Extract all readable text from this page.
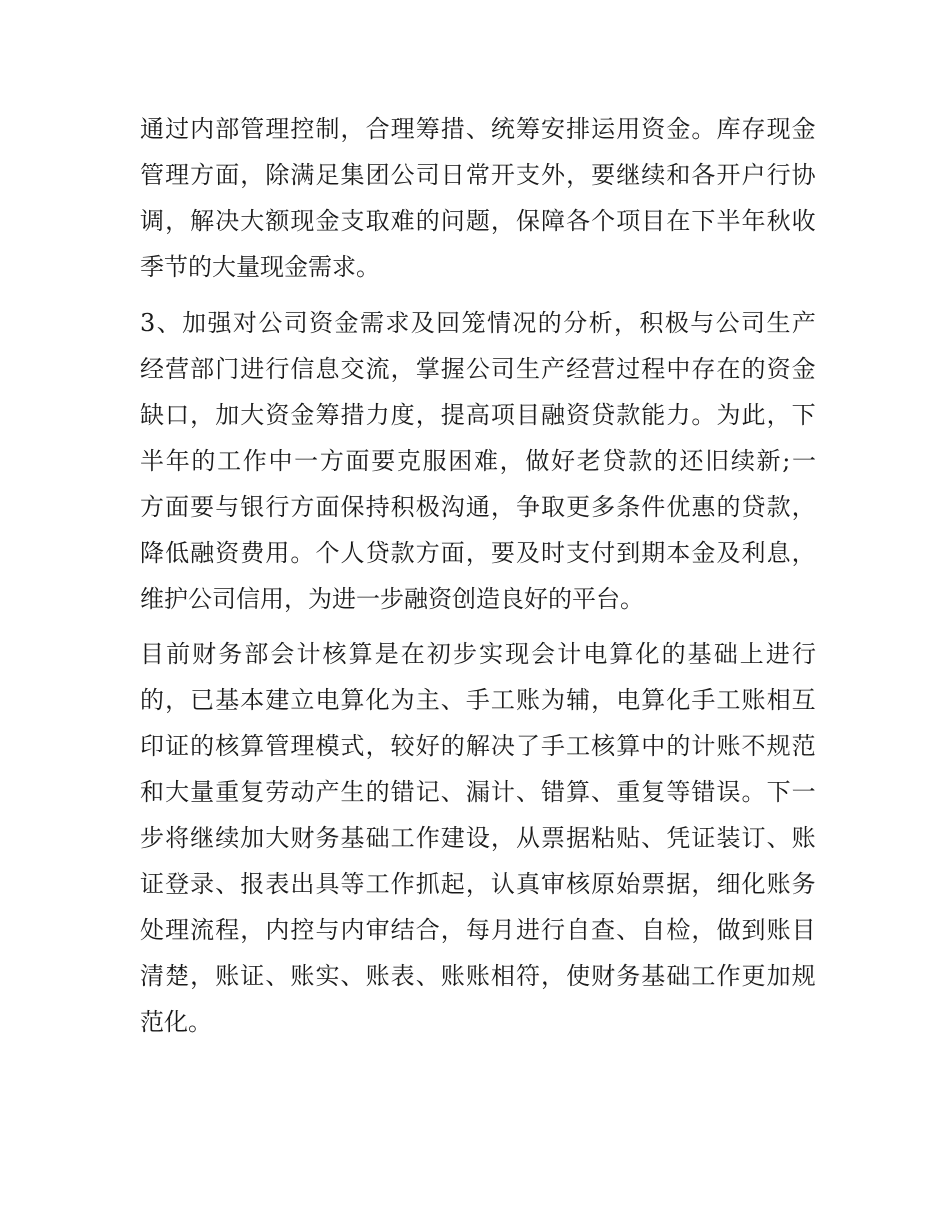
通 过 内 部 管 理 控 制 ， 合 理 筹 措 、 统 筹 安 排 运 用 资 金 。 库 存 现 金
管 理 方 面 ， 除 满 足 集 团 公 司 日 常 开 支 外 ， 要 继 续 和 各 开 户 行 协
调 ， 解 决 大 额 现 金 支 取 难 的 问 题 ， 保 障 各 个 项 目 在 下 半 年 秋 收
季节的大量现金需求。
3 、 加 强 对 公 司 资 金 需 求 及 回 笼 情 况 的 分 析 ， 积 极 与 公 司 生 产
经 营 部 门 进 行 信 息 交 流 ， 掌 握 公 司 生 产 经 营 过 程 中 存 在 的 资 金
缺 口 ， 加 大 资 金 筹 措 力 度 ， 提 高 项 目 融 资 贷 款 能 力 。 为 此 ， 下
半 年 的 工 作 中 一 方 面 要 克 服 困 难 ， 做 好 老 贷 款 的 还 旧 续 新 ; 一
方 面 要 与 银 行 方 面 保 持 积 极 沟 通 ， 争 取 更 多 条 件 优 惠 的 贷 款 ，
降 低 融 资 费 用 。 个 人 贷 款 方 面 ， 要 及 时 支 付 到 期 本 金 及 利 息 ，
维护公司信用，为进一步融资创造良好的平台。
目 前 财 务 部 会 计 核 算 是 在 初 步 实 现 会 计 电 算 化 的 基 础 上 进 行
的 ， 已 基 本 建 立 电 算 化 为 主 、 手 工 账 为 辅 ， 电 算 化 手 工 账 相 互
印 证 的 核 算 管 理 模 式 ， 较 好 的 解 决 了 手 工 核 算 中 的 计 账 不 规 范
和 大 量 重 复 劳 动 产 生 的 错 记 、 漏 计 、 错 算 、 重 复 等 错 误 。 下 一
步 将 继 续 加 大 财 务 基 础 工 作 建 设 ， 从 票 据 粘 贴 、 凭 证 装 订 、 账
证 登 录 、 报 表 出 具 等 工 作 抓 起 ， 认 真 审 核 原 始 票 据 ， 细 化 账 务
处 理 流 程 ， 内 控 与 内 审 结 合 ， 每 月 进 行 自 查 、 自 检 ， 做 到 账 目
清 楚 ， 账 证 、 账 实 、 账 表 、 账 账 相 符 ， 使 财 务 基 础 工 作 更 加 规
范化。
